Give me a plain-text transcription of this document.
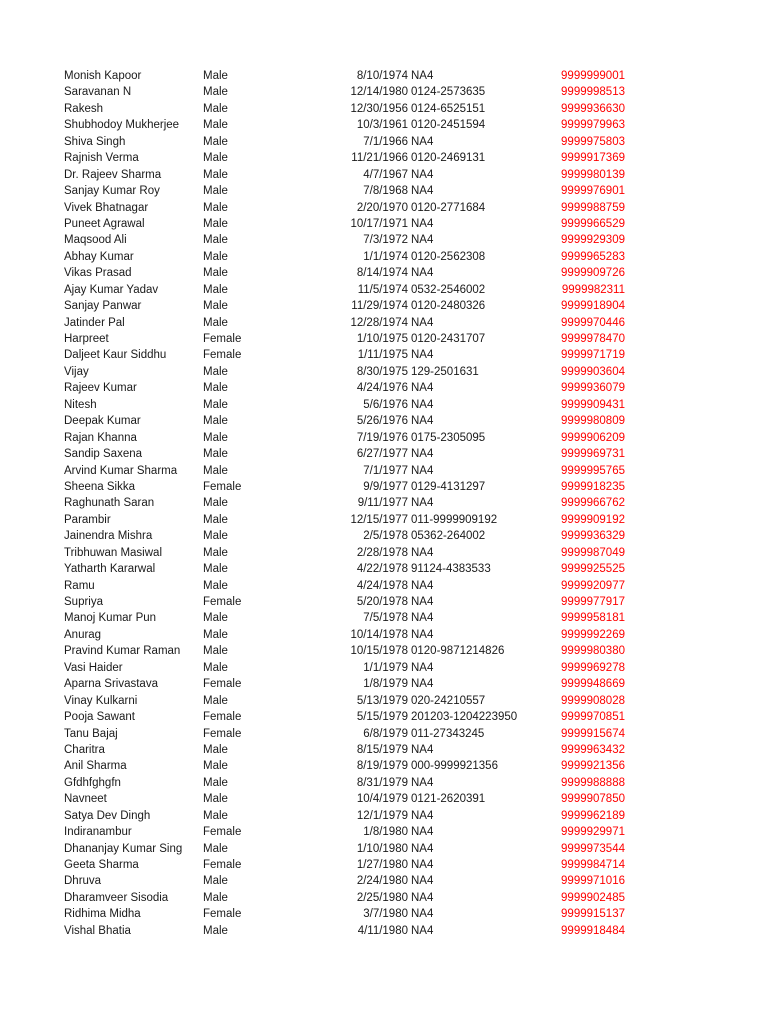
Monish Kapoor	Male	8/10/1974 NA4	9999999001
Saravanan N	Male	12/14/1980 0124-2573635	9999998513
Rakesh	Male	12/30/1956 0124-6525151	9999936630
Shubhodoy Mukherjee Male	10/3/1961 0120-2451594	9999979963
Shiva Singh	Male	7/1/1966 NA4	9999975803
Rajnish Verma	Male	11/21/1966 0120-2469131	9999917369
Dr. Rajeev Sharma	Male	4/7/1967 NA4	9999980139
Sanjay Kumar Roy	Male	7/8/1968 NA4	9999976901
Vivek Bhatnagar	Male	2/20/1970 0120-2771684	9999988759
Puneet Agrawal	Male	10/17/1971 NA4	9999966529
Maqsood Ali	Male	7/3/1972 NA4	9999929309
Abhay Kumar	Male	1/1/1974 0120-2562308	9999965283
Vikas Prasad	Male	8/14/1974 NA4	9999909726
Ajay Kumar Yadav	Male	11/5/1974 0532-2546002	9999982311
Sanjay Panwar	Male	11/29/1974 0120-2480326	9999918904
Jatinder Pal	Male	12/28/1974 NA4	9999970446
Harpreet	Female	1/10/1975 0120-2431707	9999978470
Daljeet Kaur Siddhu	Female	1/11/1975 NA4	9999971719
Vijay	Male	8/30/1975 129-2501631	9999903604
Rajeev Kumar	Male	4/24/1976 NA4	9999936079
Nitesh	Male	5/6/1976 NA4	9999909431
Deepak Kumar	Male	5/26/1976 NA4	9999980809
Rajan Khanna	Male	7/19/1976 0175-2305095	9999906209
Sandip Saxena	Male	6/27/1977 NA4	9999969731
Arvind Kumar Sharma Male	7/1/1977 NA4	9999995765
Sheena Sikka	Female	9/9/1977 0129-4131297	9999918235
Raghunath Saran	Male	9/11/1977 NA4	9999966762
Parambir	Male	12/15/1977 011-9999909192	9999909192
Jainendra Mishra	Male	2/5/1978 05362-264002	9999936329
Tribhuwan Masiwal	Male	2/28/1978 NA4	9999987049
Yatharth Kararwal	Male	4/22/1978 91124-4383533	9999925525
Ramu	Male	4/24/1978 NA4	9999920977
Supriya	Female	5/20/1978 NA4	9999977917
Manoj Kumar Pun	Male	7/5/1978 NA4	9999958181
Anurag	Male	10/14/1978 NA4	9999992269
Pravind Kumar Raman Male	10/15/1978 0120-9871214826	9999980380
Vasi Haider	Male	1/1/1979 NA4	9999969278
Aparna Srivastava	Female	1/8/1979 NA4	9999948669
Vinay Kulkarni	Male	5/13/1979 020-24210557	9999908028
Pooja Sawant	Female	5/15/1979 201203-1204223950	9999970851
Tanu Bajaj	Female	6/8/1979 011-27343245	9999915674
Charitra	Male	8/15/1979 NA4	9999963432
Anil Sharma	Male	8/19/1979 000-9999921356	9999921356
Gfdhfghgfn	Male	8/31/1979 NA4	9999988888
Navneet	Male	10/4/1979 0121-2620391	9999907850
Satya Dev Dingh	Male	12/1/1979 NA4	9999962189
Indiranambur	Female	1/8/1980 NA4	9999929971
Dhananjay Kumar Sing Male	1/10/1980 NA4	9999973544
Geeta Sharma	Female	1/27/1980 NA4	9999984714
Dhruva	Male	2/24/1980 NA4	9999971016
Dharamveer Sisodia	Male	2/25/1980 NA4	9999902485
Ridhima Midha	Female	3/7/1980 NA4	9999915137
Vishal Bhatia	Male	4/11/1980 NA4	9999918484
